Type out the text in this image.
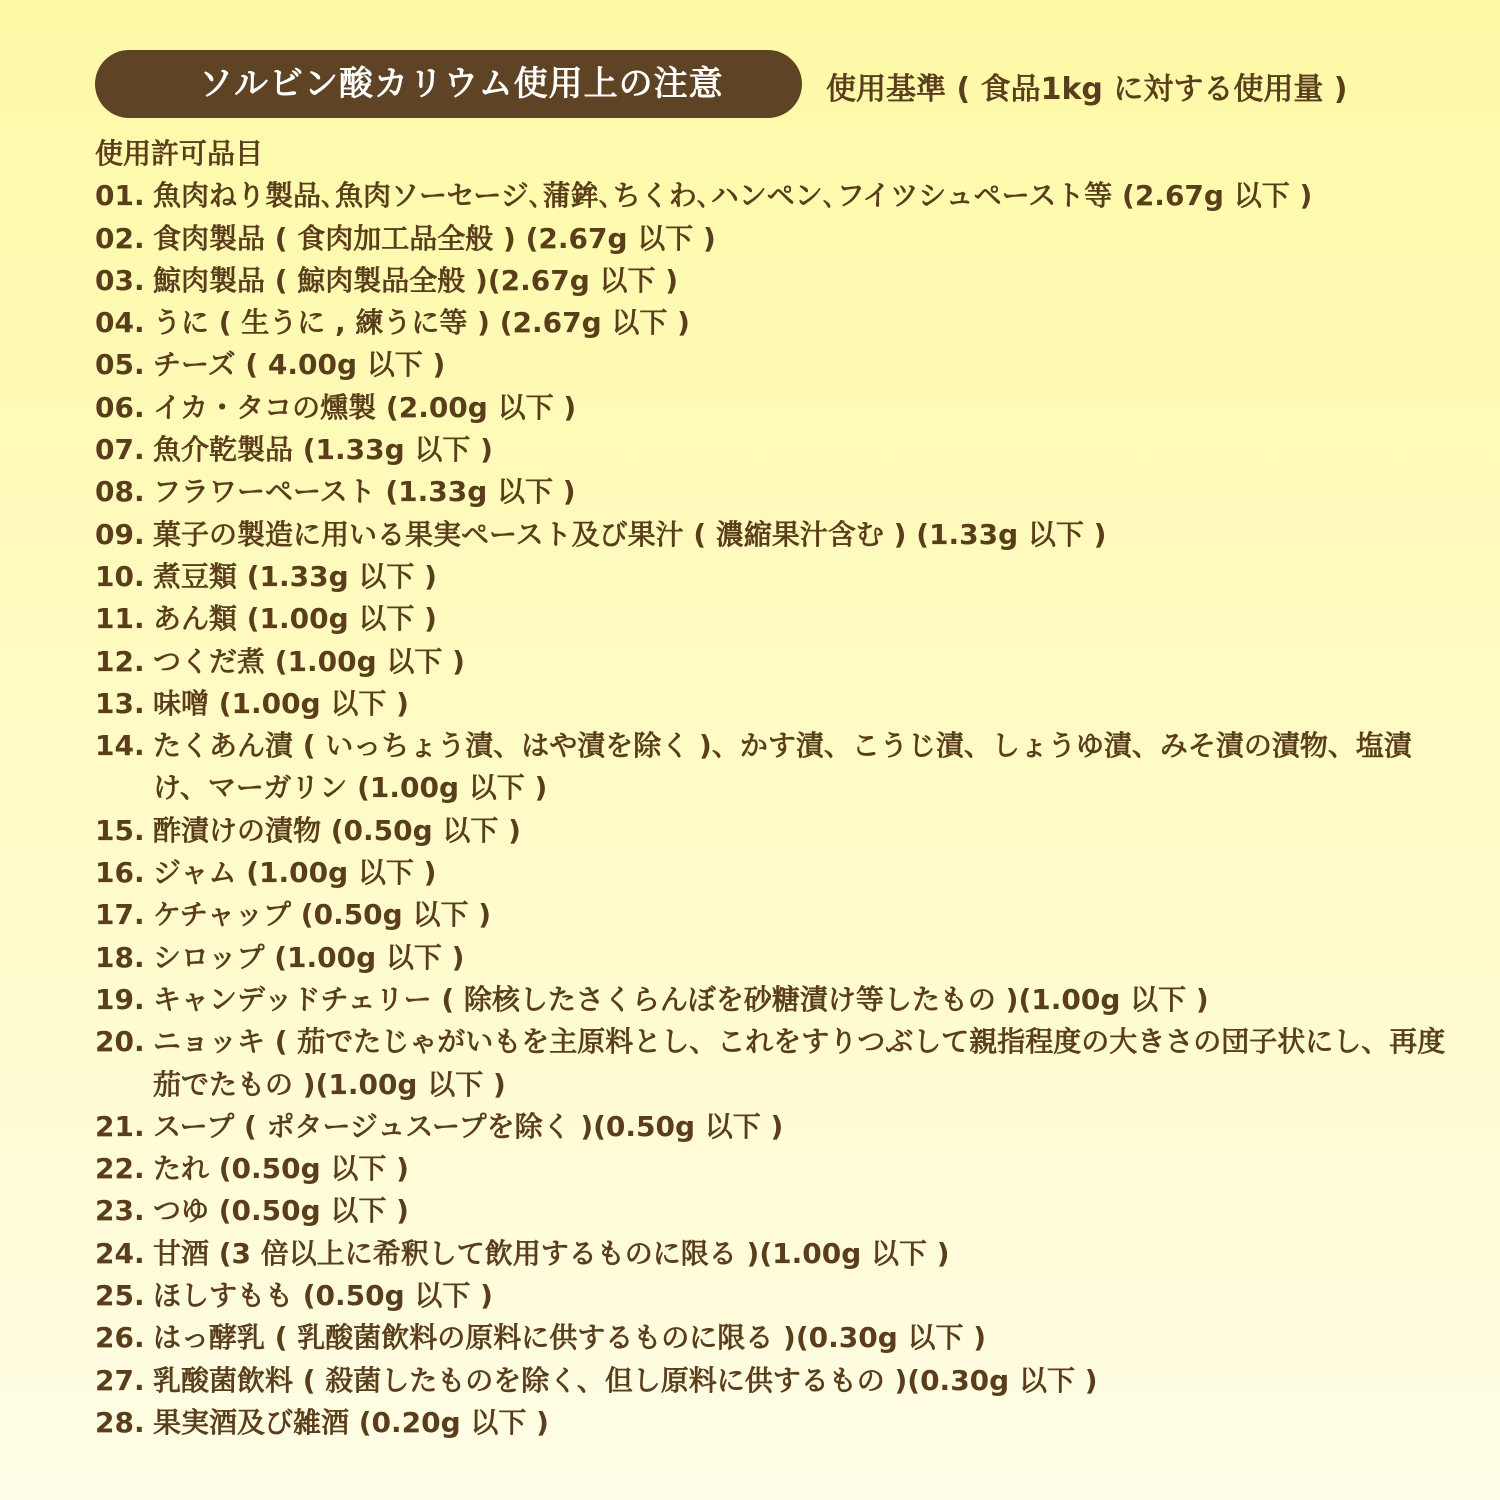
ソルビン酸カリウム使用上の注意	使用基準 ( 食品1kg に対する使用量 )
使用許可品目
01. 魚肉ねり製品､魚肉ソーセージ､蒲鉾､ちくわ､ハンペン､フイツシュペースト等 (2.67g 以下 )
02. 食肉製品 ( 食肉加工品全般 ) (2.67g 以下 )
03. 鯨肉製品 ( 鯨肉製品全般 )(2.67g 以下 )
04. うに ( 生うに , 練うに等 ) (2.67g 以下 )
05. チーズ ( 4.00g 以下 )
06. イカ・タコの燻製 (2.00g 以下 )
07. 魚介乾製品 (1.33g 以下 )
08. フラワーペースト (1.33g 以下 )
09. 菓子の製造に用いる果実ペースト及び果汁 ( 濃縮果汁含む ) (1.33g 以下 )
10. 煮豆類 (1.33g 以下 )
11. あん類 (1.00g 以下 )
12. つくだ煮 (1.00g 以下 )
13. 味噌 (1.00g 以下 )
14. たくあん漬 ( いっちょう漬、はや漬を除く )、かす漬、こうじ漬、しょうゆ漬、みそ漬の漬物、塩漬け、マーガリン (1.00g 以下 )
15. 酢漬けの漬物 (0.50g 以下 )
16. ジャム (1.00g 以下 )
17. ケチャップ (0.50g 以下 )
18. シロップ (1.00g 以下 )
19. キャンデッドチェリー ( 除核したさくらんぼを砂糖漬け等したもの )(1.00g 以下 )
20. ニョッキ ( 茄でたじゃがいもを主原料とし、これをすりつぶして親指程度の大きさの団子状にし、再度茄でたもの )(1.00g 以下 )
21. スープ ( ポタージュスープを除く )(0.50g 以下 )
22. たれ (0.50g 以下 )
23. つゆ (0.50g 以下 )
24. 甘酒 (3 倍以上に希釈して飲用するものに限る )(1.00g 以下 )
25. ほしすもも (0.50g 以下 )
26. はっ酵乳 ( 乳酸菌飲料の原料に供するものに限る )(0.30g 以下 )
27. 乳酸菌飲料 ( 殺菌したものを除く、但し原料に供するもの )(0.30g 以下 )
28. 果実酒及び雑酒 (0.20g 以下 )
